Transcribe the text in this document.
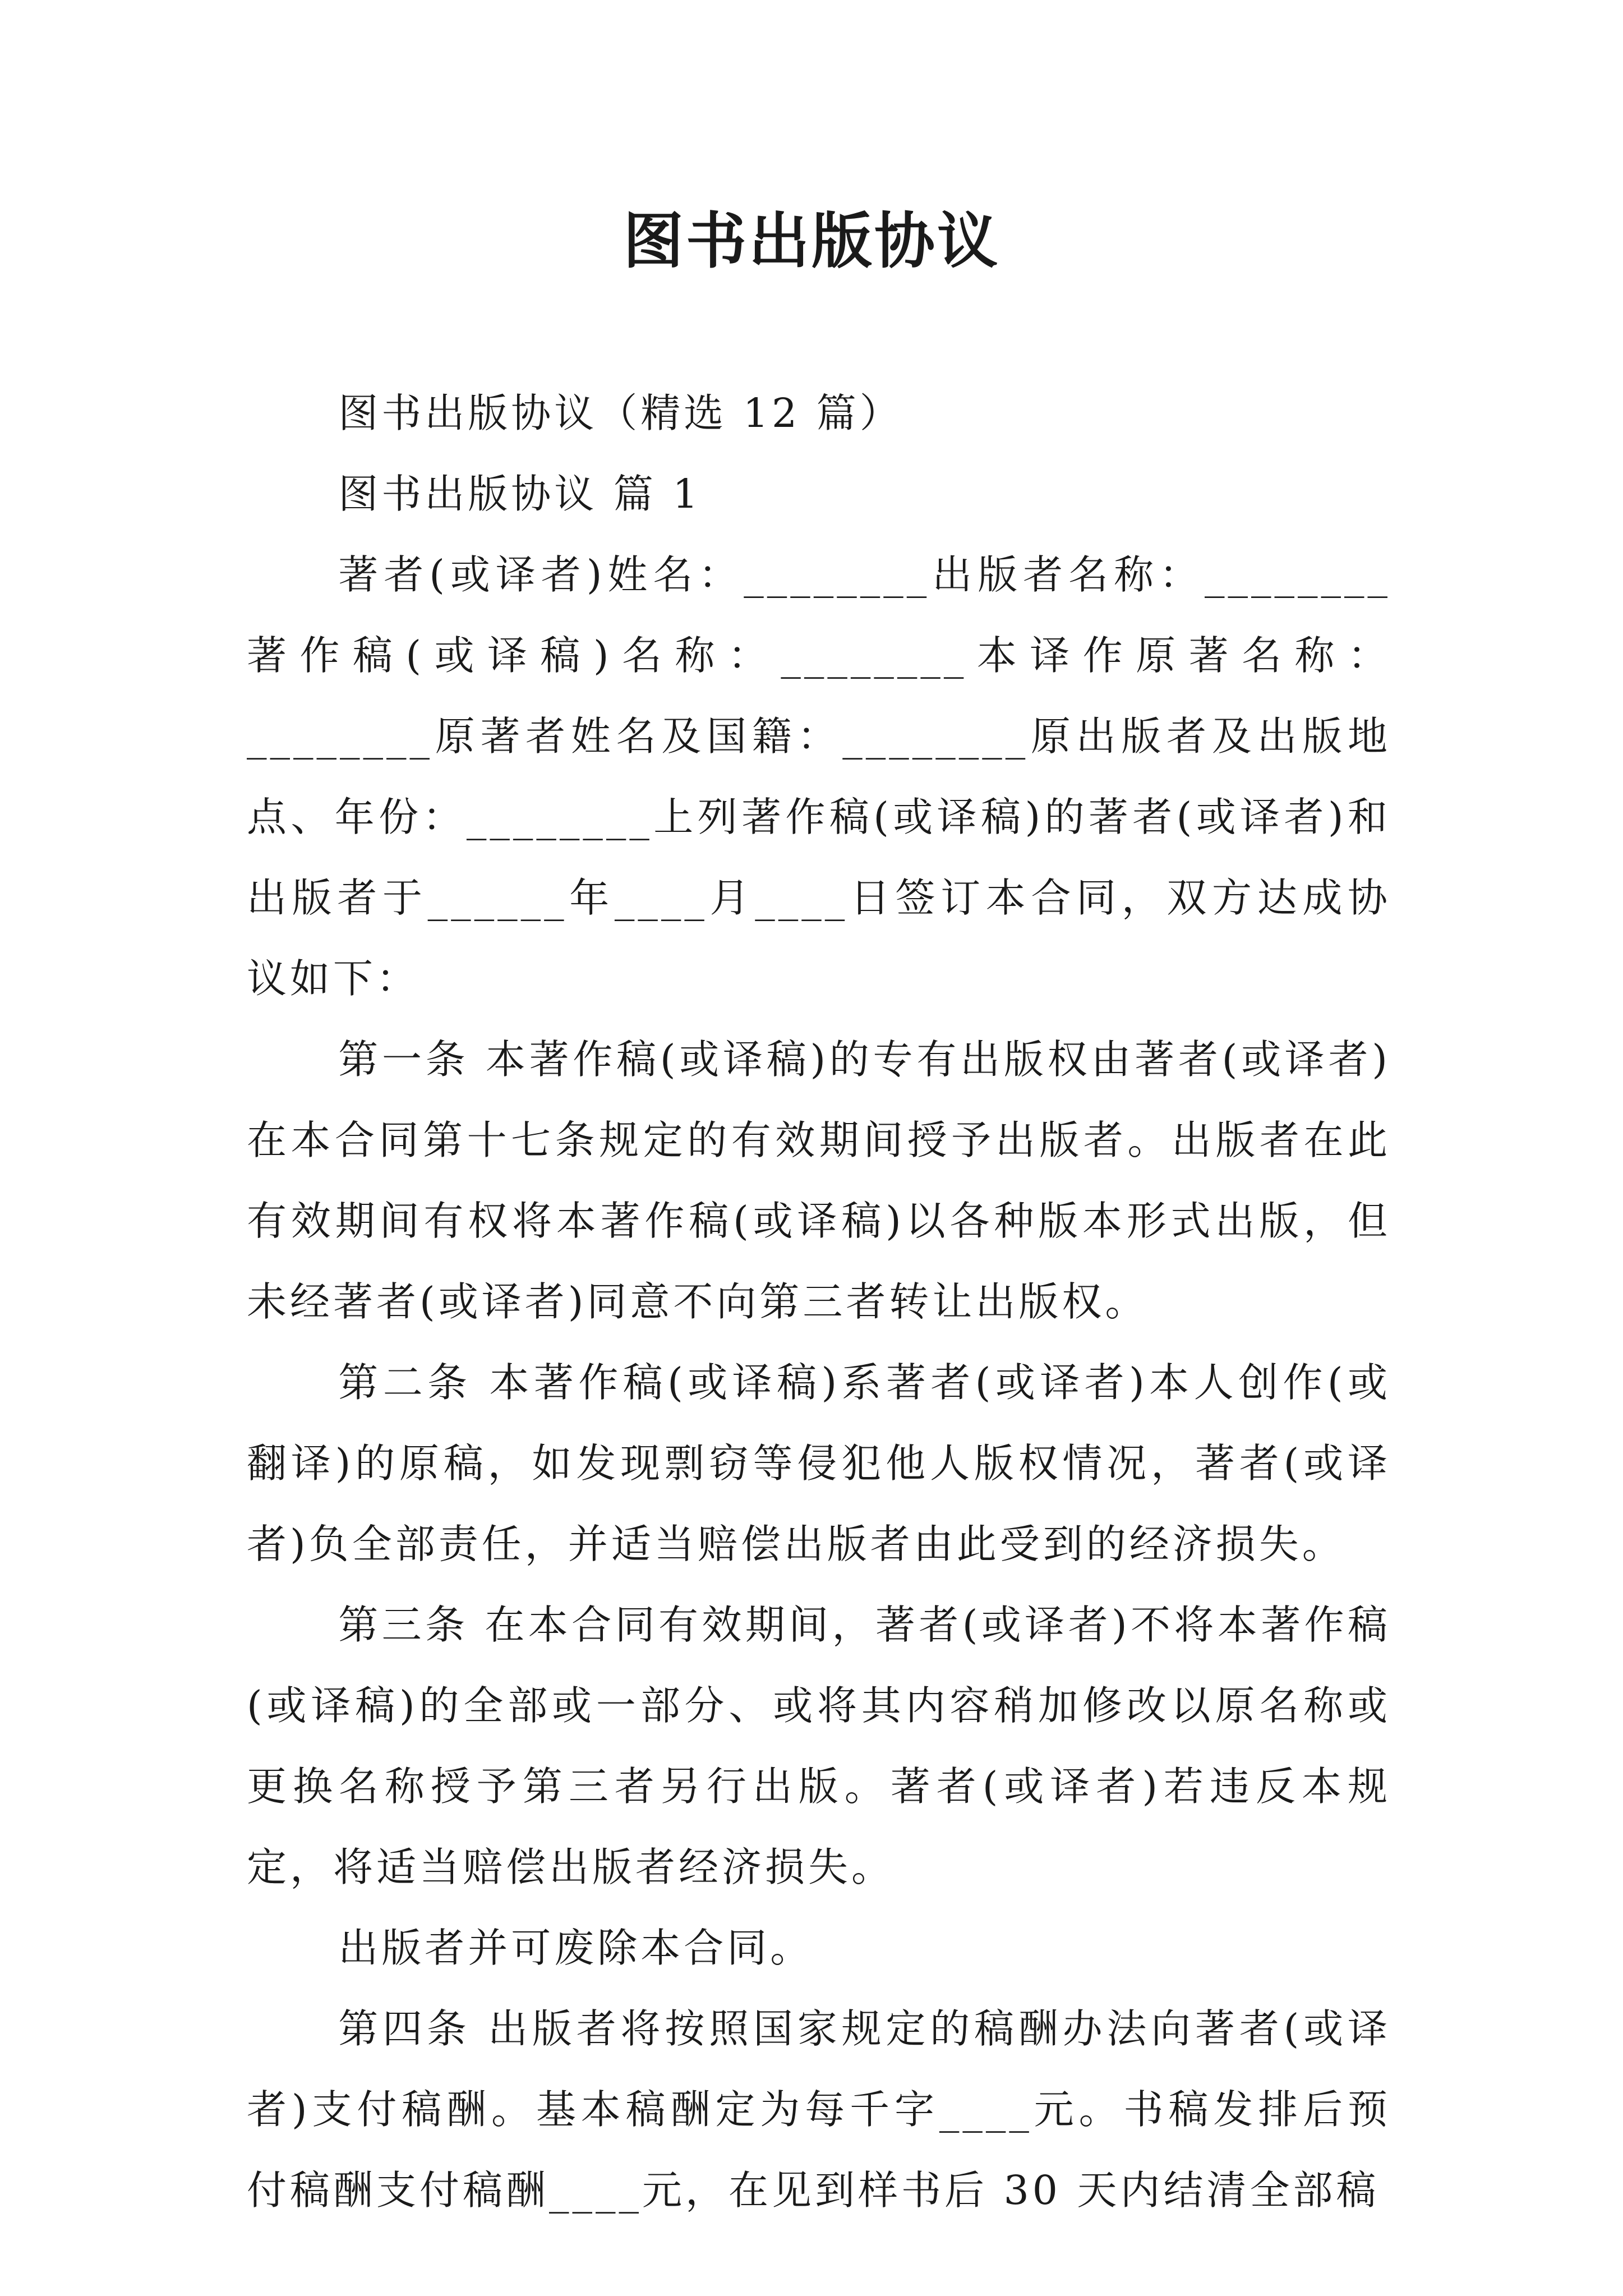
图书出版协议

图书出版协议（精选 12 篇）

图书出版协议 篇 1

著者(或译者)姓名：________出版者名称：________著作稿(或译稿)名称：________本译作原著名称：________原著者姓名及国籍：________原出版者及出版地点、年份：________上列著作稿(或译稿)的著者(或译者)和出版者于______年____月____日签订本合同，双方达成协议如下：

第一条 本著作稿(或译稿)的专有出版权由著者(或译者)在本合同第十七条规定的有效期间授予出版者。出版者在此有效期间有权将本著作稿(或译稿)以各种版本形式出版，但未经著者(或译者)同意不向第三者转让出版权。

第二条 本著作稿(或译稿)系著者(或译者)本人创作(或翻译)的原稿，如发现剽窃等侵犯他人版权情况，著者(或译者)负全部责任，并适当赔偿出版者由此受到的经济损失。

第三条 在本合同有效期间，著者(或译者)不将本著作稿(或译稿)的全部或一部分、或将其内容稍加修改以原名称或更换名称授予第三者另行出版。著者(或译者)若违反本规定，将适当赔偿出版者经济损失。

出版者并可废除本合同。

第四条 出版者将按照国家规定的稿酬办法向著者(或译者)支付稿酬。基本稿酬定为每千字____元。书稿发排后预付稿酬支付稿酬____元，在见到样书后 30 天内结清全部稿
